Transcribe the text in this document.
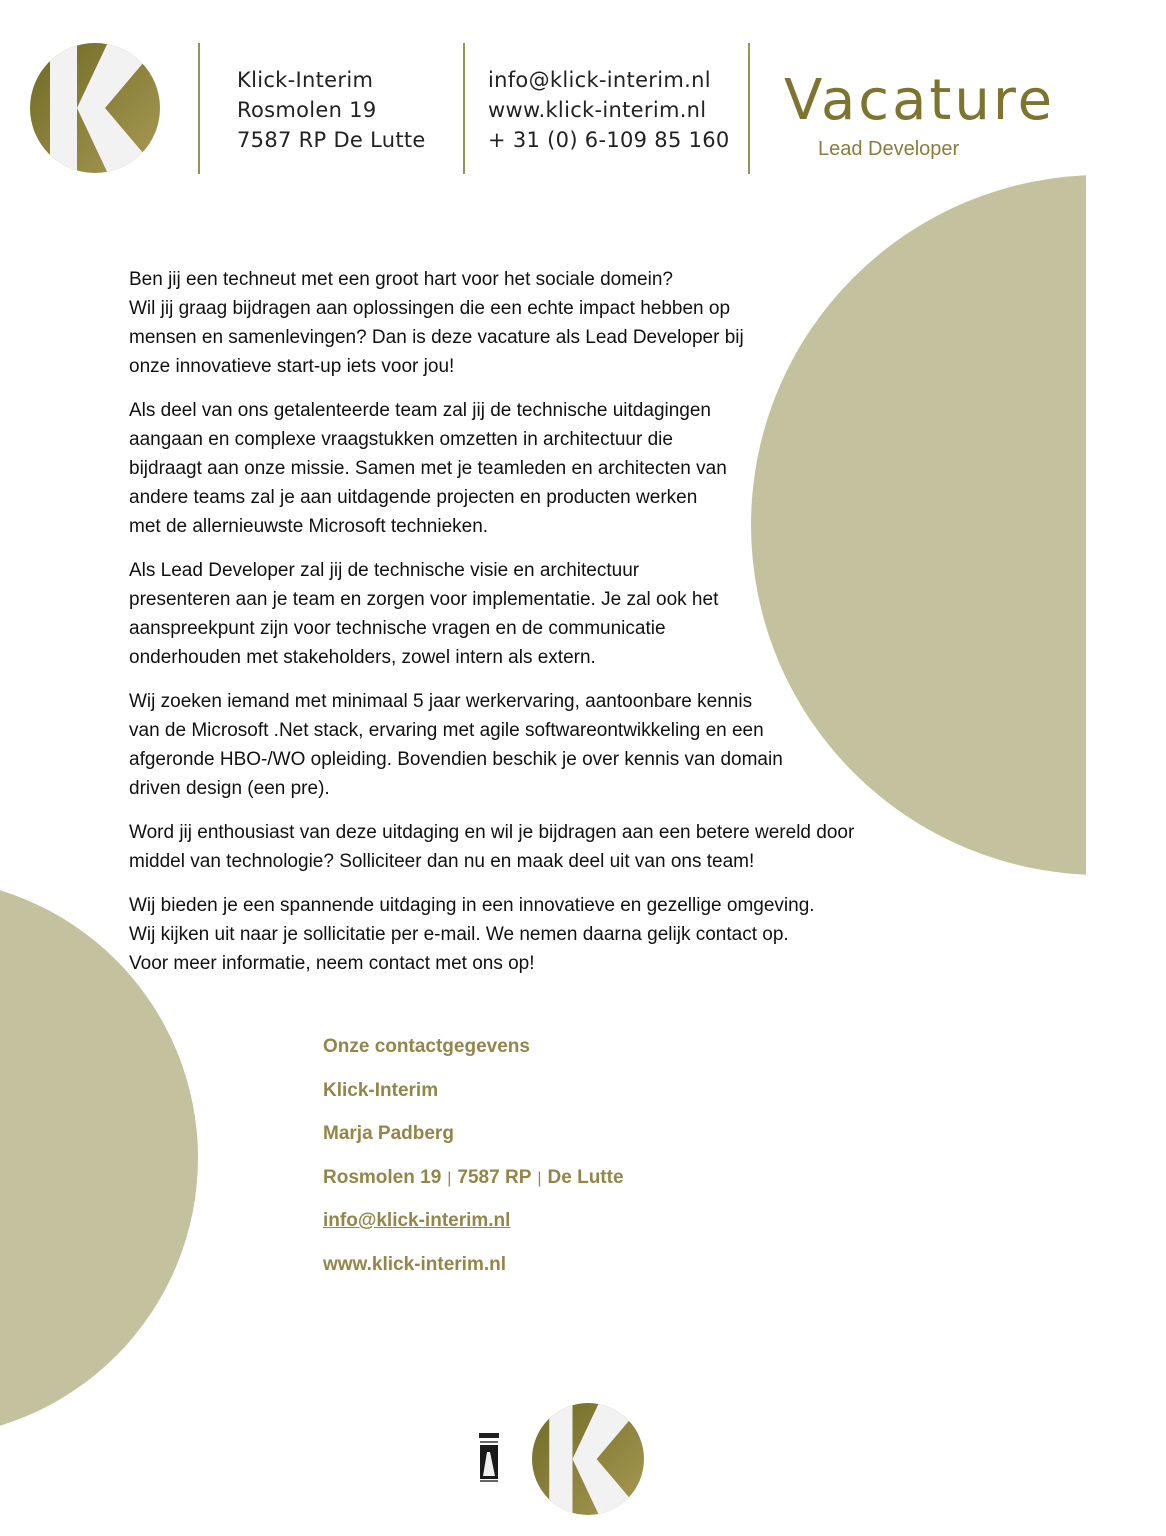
Klick-Interim
Rosmolen 19
7587 RP De Lutte
info@klick-interim.nl
www.klick-interim.nl
+ 31 (0) 6-109 85 160
Vacature
Lead Developer

Ben jij een techneut met een groot hart voor het sociale domein?
Wil jij graag bijdragen aan oplossingen die een echte impact hebben op
mensen en samenlevingen? Dan is deze vacature als Lead Developer bij
onze innovatieve start-up iets voor jou!

Als deel van ons getalenteerde team zal jij de technische uitdagingen
aangaan en complexe vraagstukken omzetten in architectuur die
bijdraagt aan onze missie. Samen met je teamleden en architecten van
andere teams zal je aan uitdagende projecten en producten werken
met de allernieuwste Microsoft technieken.

Als Lead Developer zal jij de technische visie en architectuur
presenteren aan je team en zorgen voor implementatie. Je zal ook het
aanspreekpunt zijn voor technische vragen en de communicatie
onderhouden met stakeholders, zowel intern als extern.

Wij zoeken iemand met minimaal 5 jaar werkervaring, aantoonbare kennis
van de Microsoft .Net stack, ervaring met agile softwareontwikkeling en een
afgeronde HBO-/WO opleiding. Bovendien beschik je over kennis van domain
driven design (een pre).

Word jij enthousiast van deze uitdaging en wil je bijdragen aan een betere wereld door
middel van technologie? Solliciteer dan nu en maak deel uit van ons team!

Wij bieden je een spannende uitdaging in een innovatieve en gezellige omgeving.
Wij kijken uit naar je sollicitatie per e-mail. We nemen daarna gelijk contact op.
Voor meer informatie, neem contact met ons op!

Onze contactgegevens
Klick-Interim
Marja Padberg
Rosmolen 19 | 7587 RP | De Lutte
info@klick-interim.nl
www.klick-interim.nl
